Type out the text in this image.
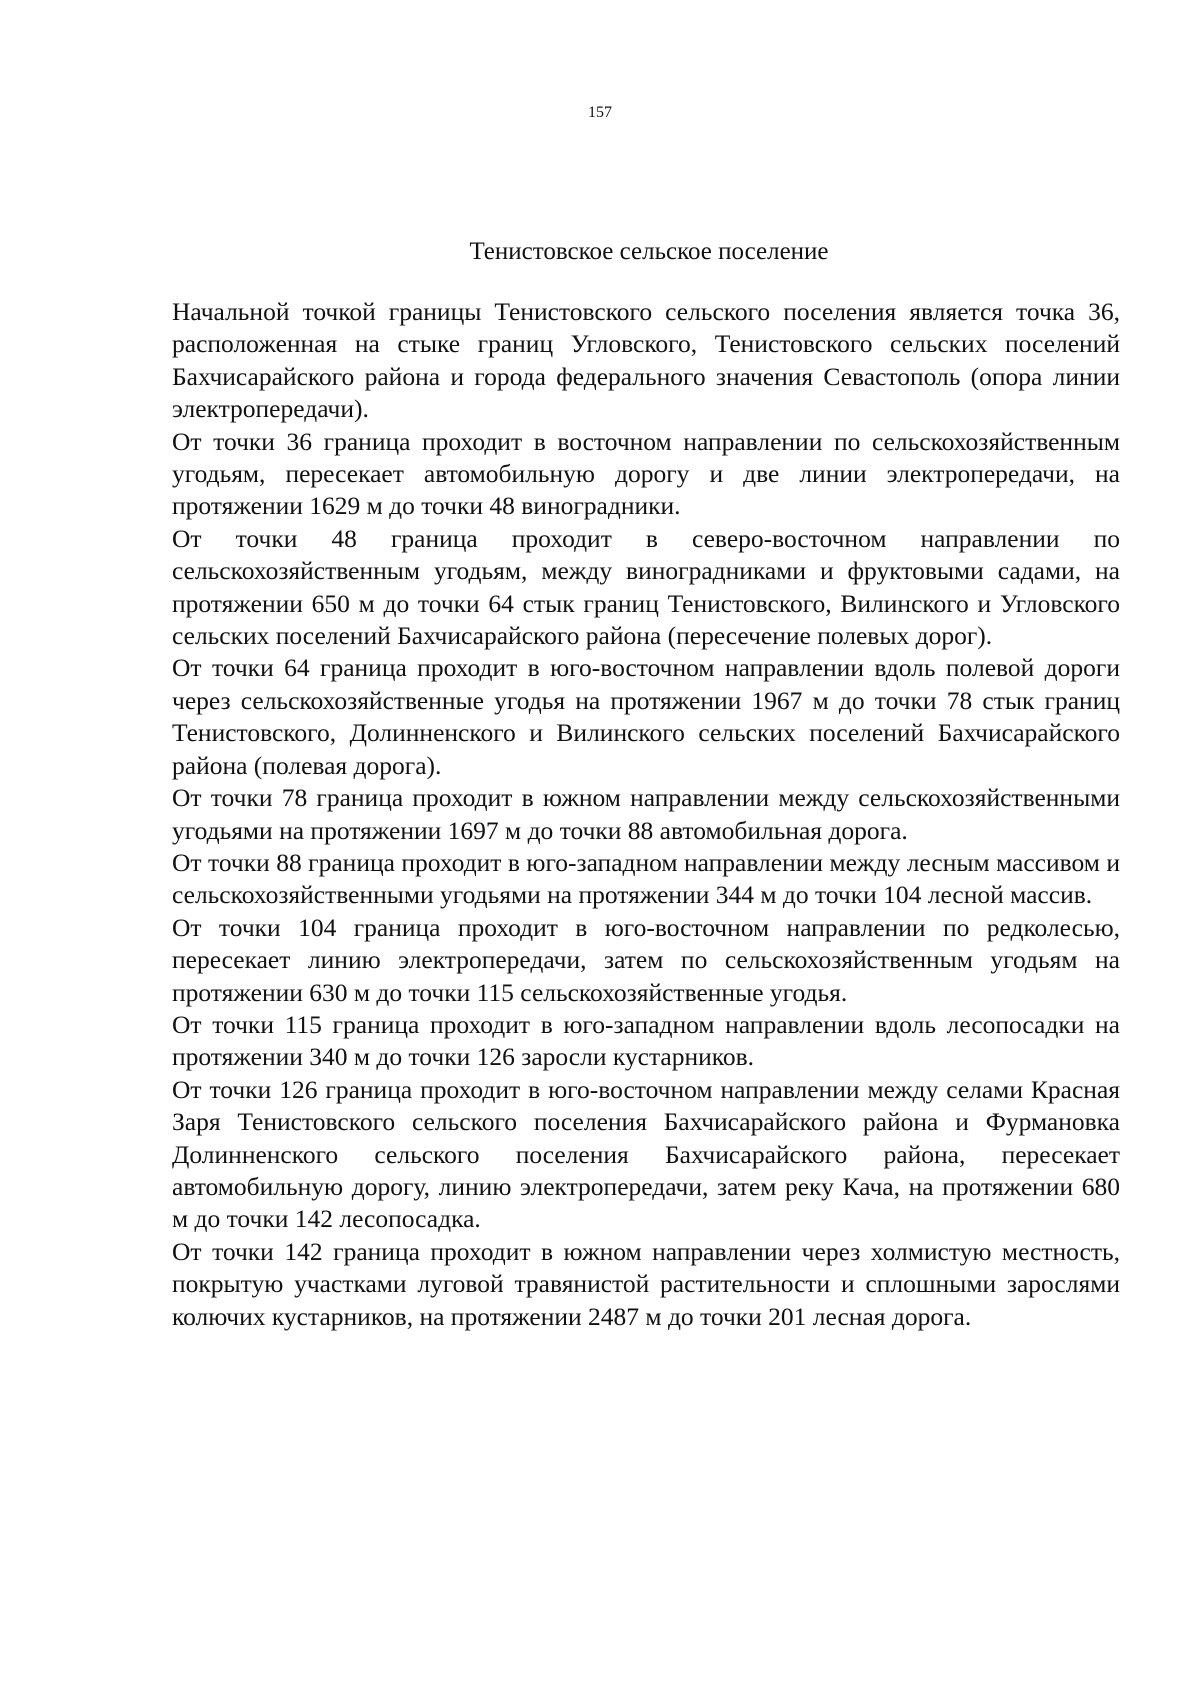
157
Тенистовское сельское поселение

Начальной точкой границы Тенистовского сельского поселения является точка 36, расположенная на стыке границ Угловского, Тенистовского сельских поселений Бахчисарайского района и города федерального значения Севастополь (опора линии электропередачи).

От точки 36 граница проходит в восточном направлении по сельскохозяйственным угодьям, пересекает автомобильную дорогу и две линии электропередачи, на протяжении 1629 м до точки 48 виноградники.

От точки 48 граница проходит в северо-восточном направлении по сельскохозяйственным угодьям, между виноградниками и фруктовыми садами, на протяжении 650 м до точки 64 стык границ Тенистовского, Вилинского и Угловского сельских поселений Бахчисарайского района (пересечение полевых дорог).

От точки 64 граница проходит в юго-восточном направлении вдоль полевой дороги через сельскохозяйственные угодья на протяжении 1967 м до точки 78 стык границ Тенистовского, Долинненского и Вилинского сельских поселений Бахчисарайского района (полевая дорога).

От точки 78 граница проходит в южном направлении между сельскохозяйственными угодьями на протяжении 1697 м до точки 88 автомобильная дорога.

От точки 88 граница проходит в юго-западном направлении между лесным массивом и сельскохозяйственными угодьями на протяжении 344 м до точки 104 лесной массив.

От точки 104 граница проходит в юго-восточном направлении по редколесью, пересекает линию электропередачи, затем по сельскохозяйственным угодьям на протяжении 630 м до точки 115 сельскохозяйственные угодья.

От точки 115 граница проходит в юго-западном направлении вдоль лесопосадки на протяжении 340 м до точки 126 заросли кустарников.

От точки 126 граница проходит в юго-восточном направлении между селами Красная Заря Тенистовского сельского поселения Бахчисарайского района и Фурмановка Долинненского сельского поселения Бахчисарайского района, пересекает автомобильную дорогу, линию электропередачи, затем реку Кача, на протяжении 680 м до точки 142 лесопосадка.

От точки 142 граница проходит в южном направлении через холмистую местность, покрытую участками луговой травянистой растительности и сплошными зарослями колючих кустарников, на протяжении 2487 м до точки 201 лесная дорога.
